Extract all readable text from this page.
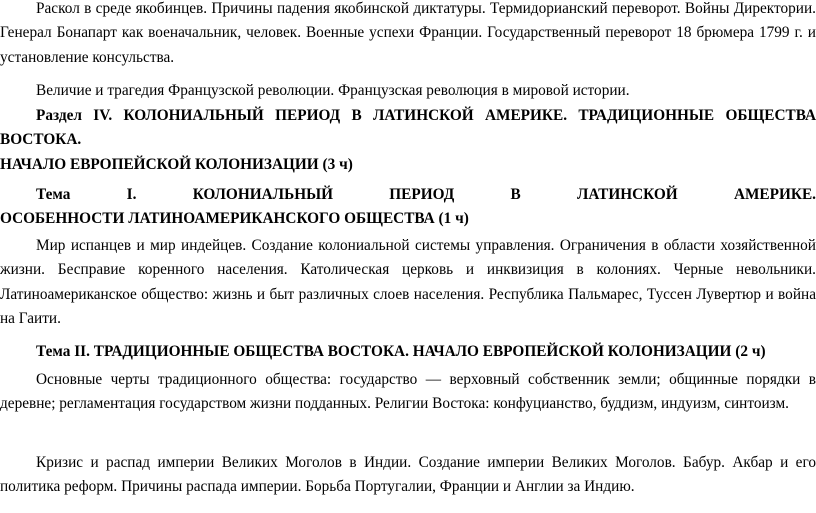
Раскол в среде якобинцев. Причины падения якобинской диктатуры. Термидорианский переворот. Войны Директории. Генерал Бонапарт как военачальник, человек. Военные успехи Франции. Государственный переворот 18 брюмера 1799 г. и установление консульства.

Величие и трагедия Французской революции. Французская революция в мировой истории.

Раздел IV. КОЛОНИАЛЬНЫЙ ПЕРИОД В ЛАТИНСКОЙ АМЕРИКЕ. ТРАДИЦИОННЫЕ ОБЩЕСТВА ВОСТОКА.

НАЧАЛО ЕВРОПЕЙСКОЙ КОЛОНИЗАЦИИ (3 ч)

Тема I. КОЛОНИАЛЬНЫЙ ПЕРИОД В ЛАТИНСКОЙ АМЕРИКЕ.

ОСОБЕННОСТИ ЛАТИНОАМЕРИКАНСКОГО ОБЩЕСТВА (1 ч)

Мир испанцев и мир индейцев. Создание колониальной системы управления. Ограничения в области хозяйственной жизни. Бесправие коренного населения. Католическая церковь и инквизиция в колониях. Черные невольники. Латиноамериканское общество: жизнь и быт различных слоев населения. Республика Пальмарес, Туссен Лувертюр и война на Гаити.

Тема II. ТРАДИЦИОННЫЕ ОБЩЕСТВА ВОСТОКА. НАЧАЛО ЕВРОПЕЙСКОЙ КОЛОНИЗАЦИИ (2 ч)

Основные черты традиционного общества: государство — верховный собственник земли; общинные порядки в деревне; регламентация государством жизни подданных. Религии Востока: конфуцианство, буддизм, индуизм, синтоизм.

Кризис и распад империи Великих Моголов в Индии. Создание империи Великих Моголов. Бабур. Акбар и его политика реформ. Причины распада империи. Борьба Португалии, Франции и Англии за Индию.
